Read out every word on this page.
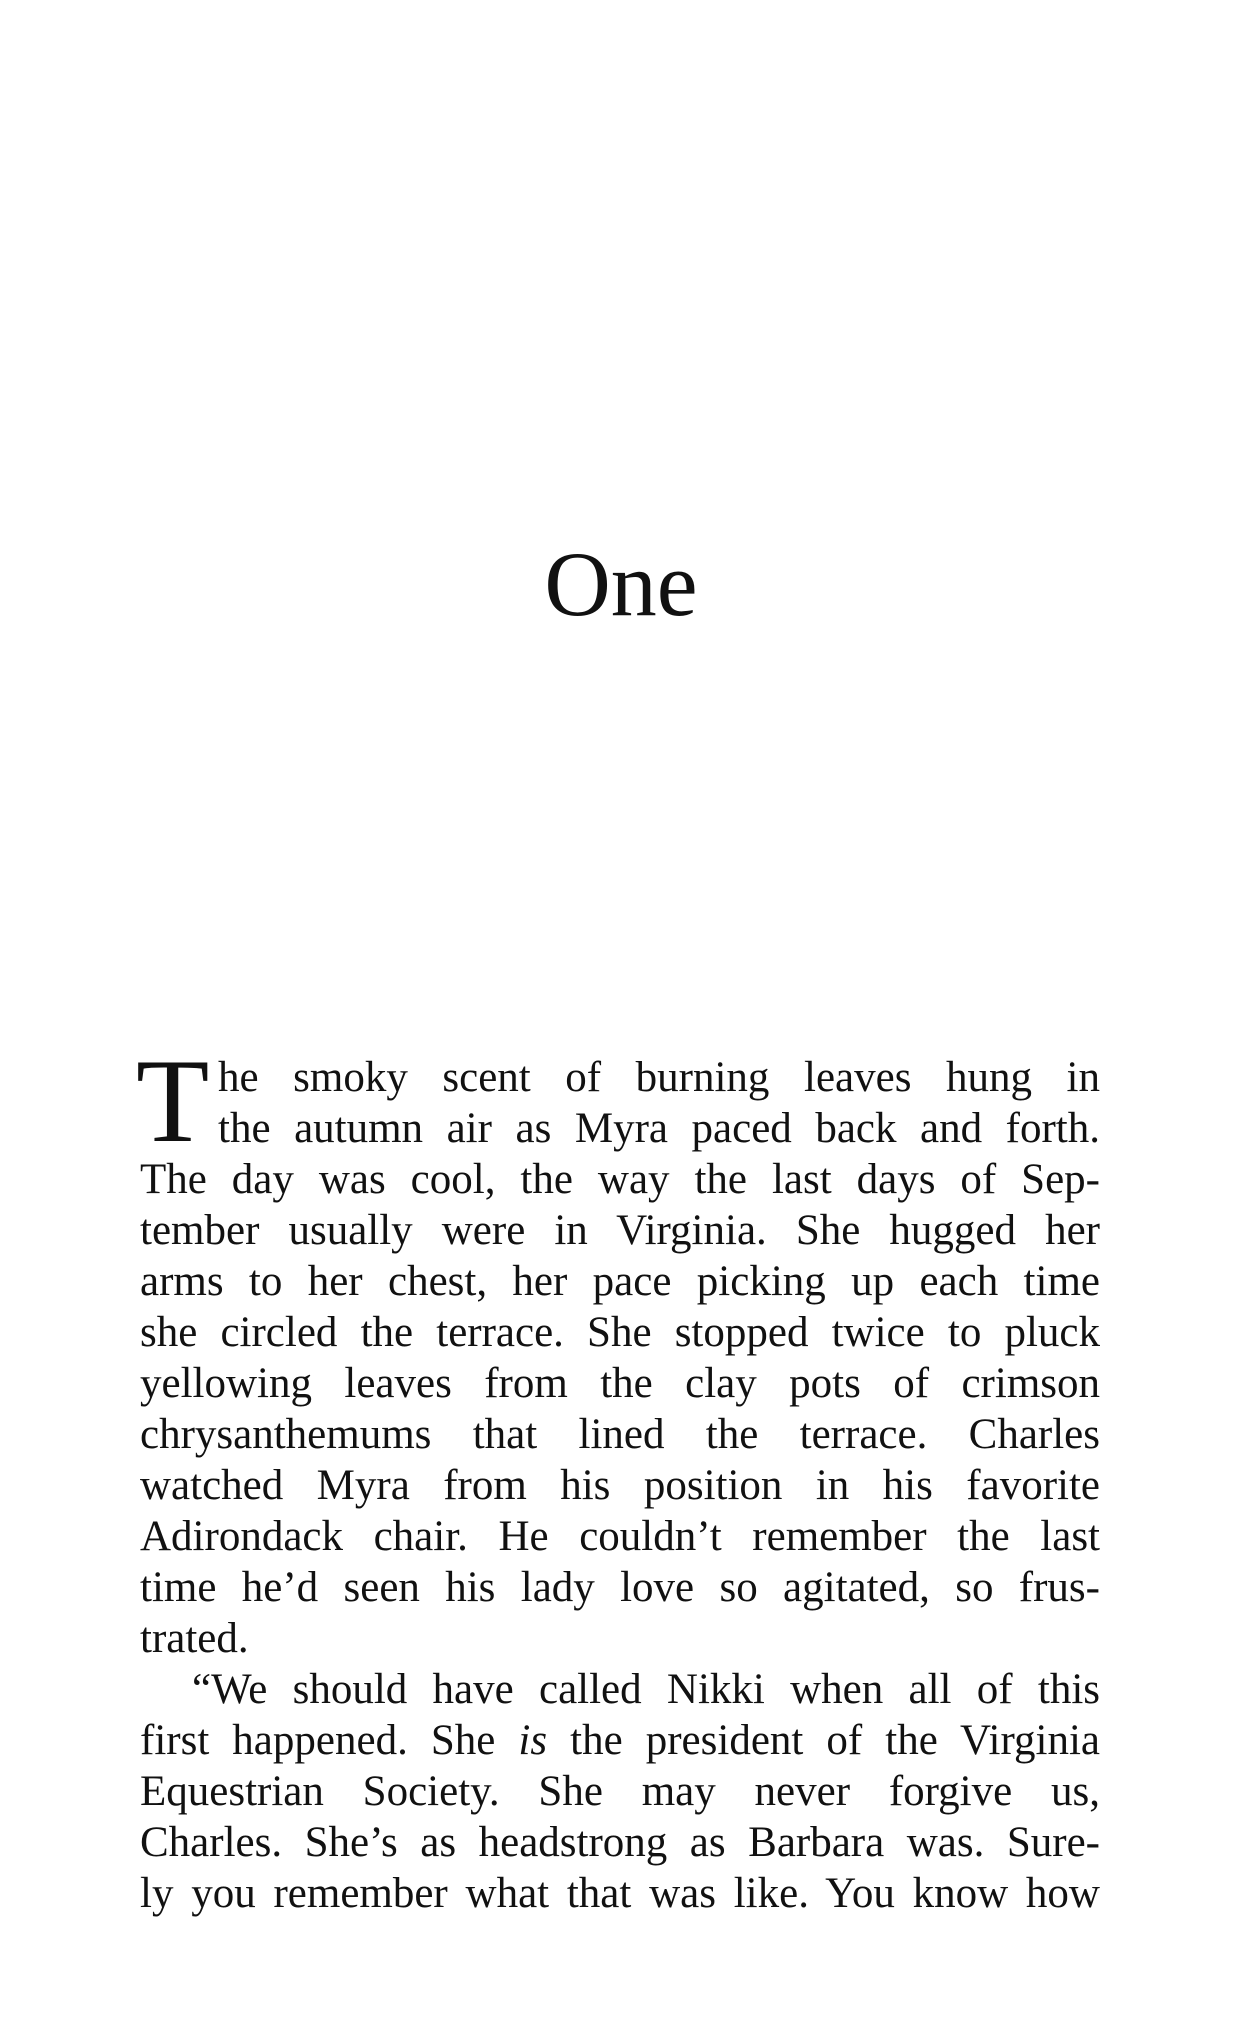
One
T he smoky scent of burning leaves hung in
the autumn air as Myra paced back and forth.
The day was cool, the way the last days of Sep-
tember usually were in Virginia. She hugged her
arms to her chest, her pace picking up each time
she circled the terrace. She stopped twice to pluck
yellowing leaves from the clay pots of crimson
chrysanthemums that lined the terrace. Charles
watched Myra from his position in his favorite
Adirondack chair. He couldn’t remember the last
time he’d seen his lady love so agitated, so frus-
trated.
“We should have called Nikki when all of this
first happened. She is the president of the Virginia
Equestrian Society. She may never forgive us,
Charles. She’s as headstrong as Barbara was. Sure-
ly you remember what that was like. You know how
